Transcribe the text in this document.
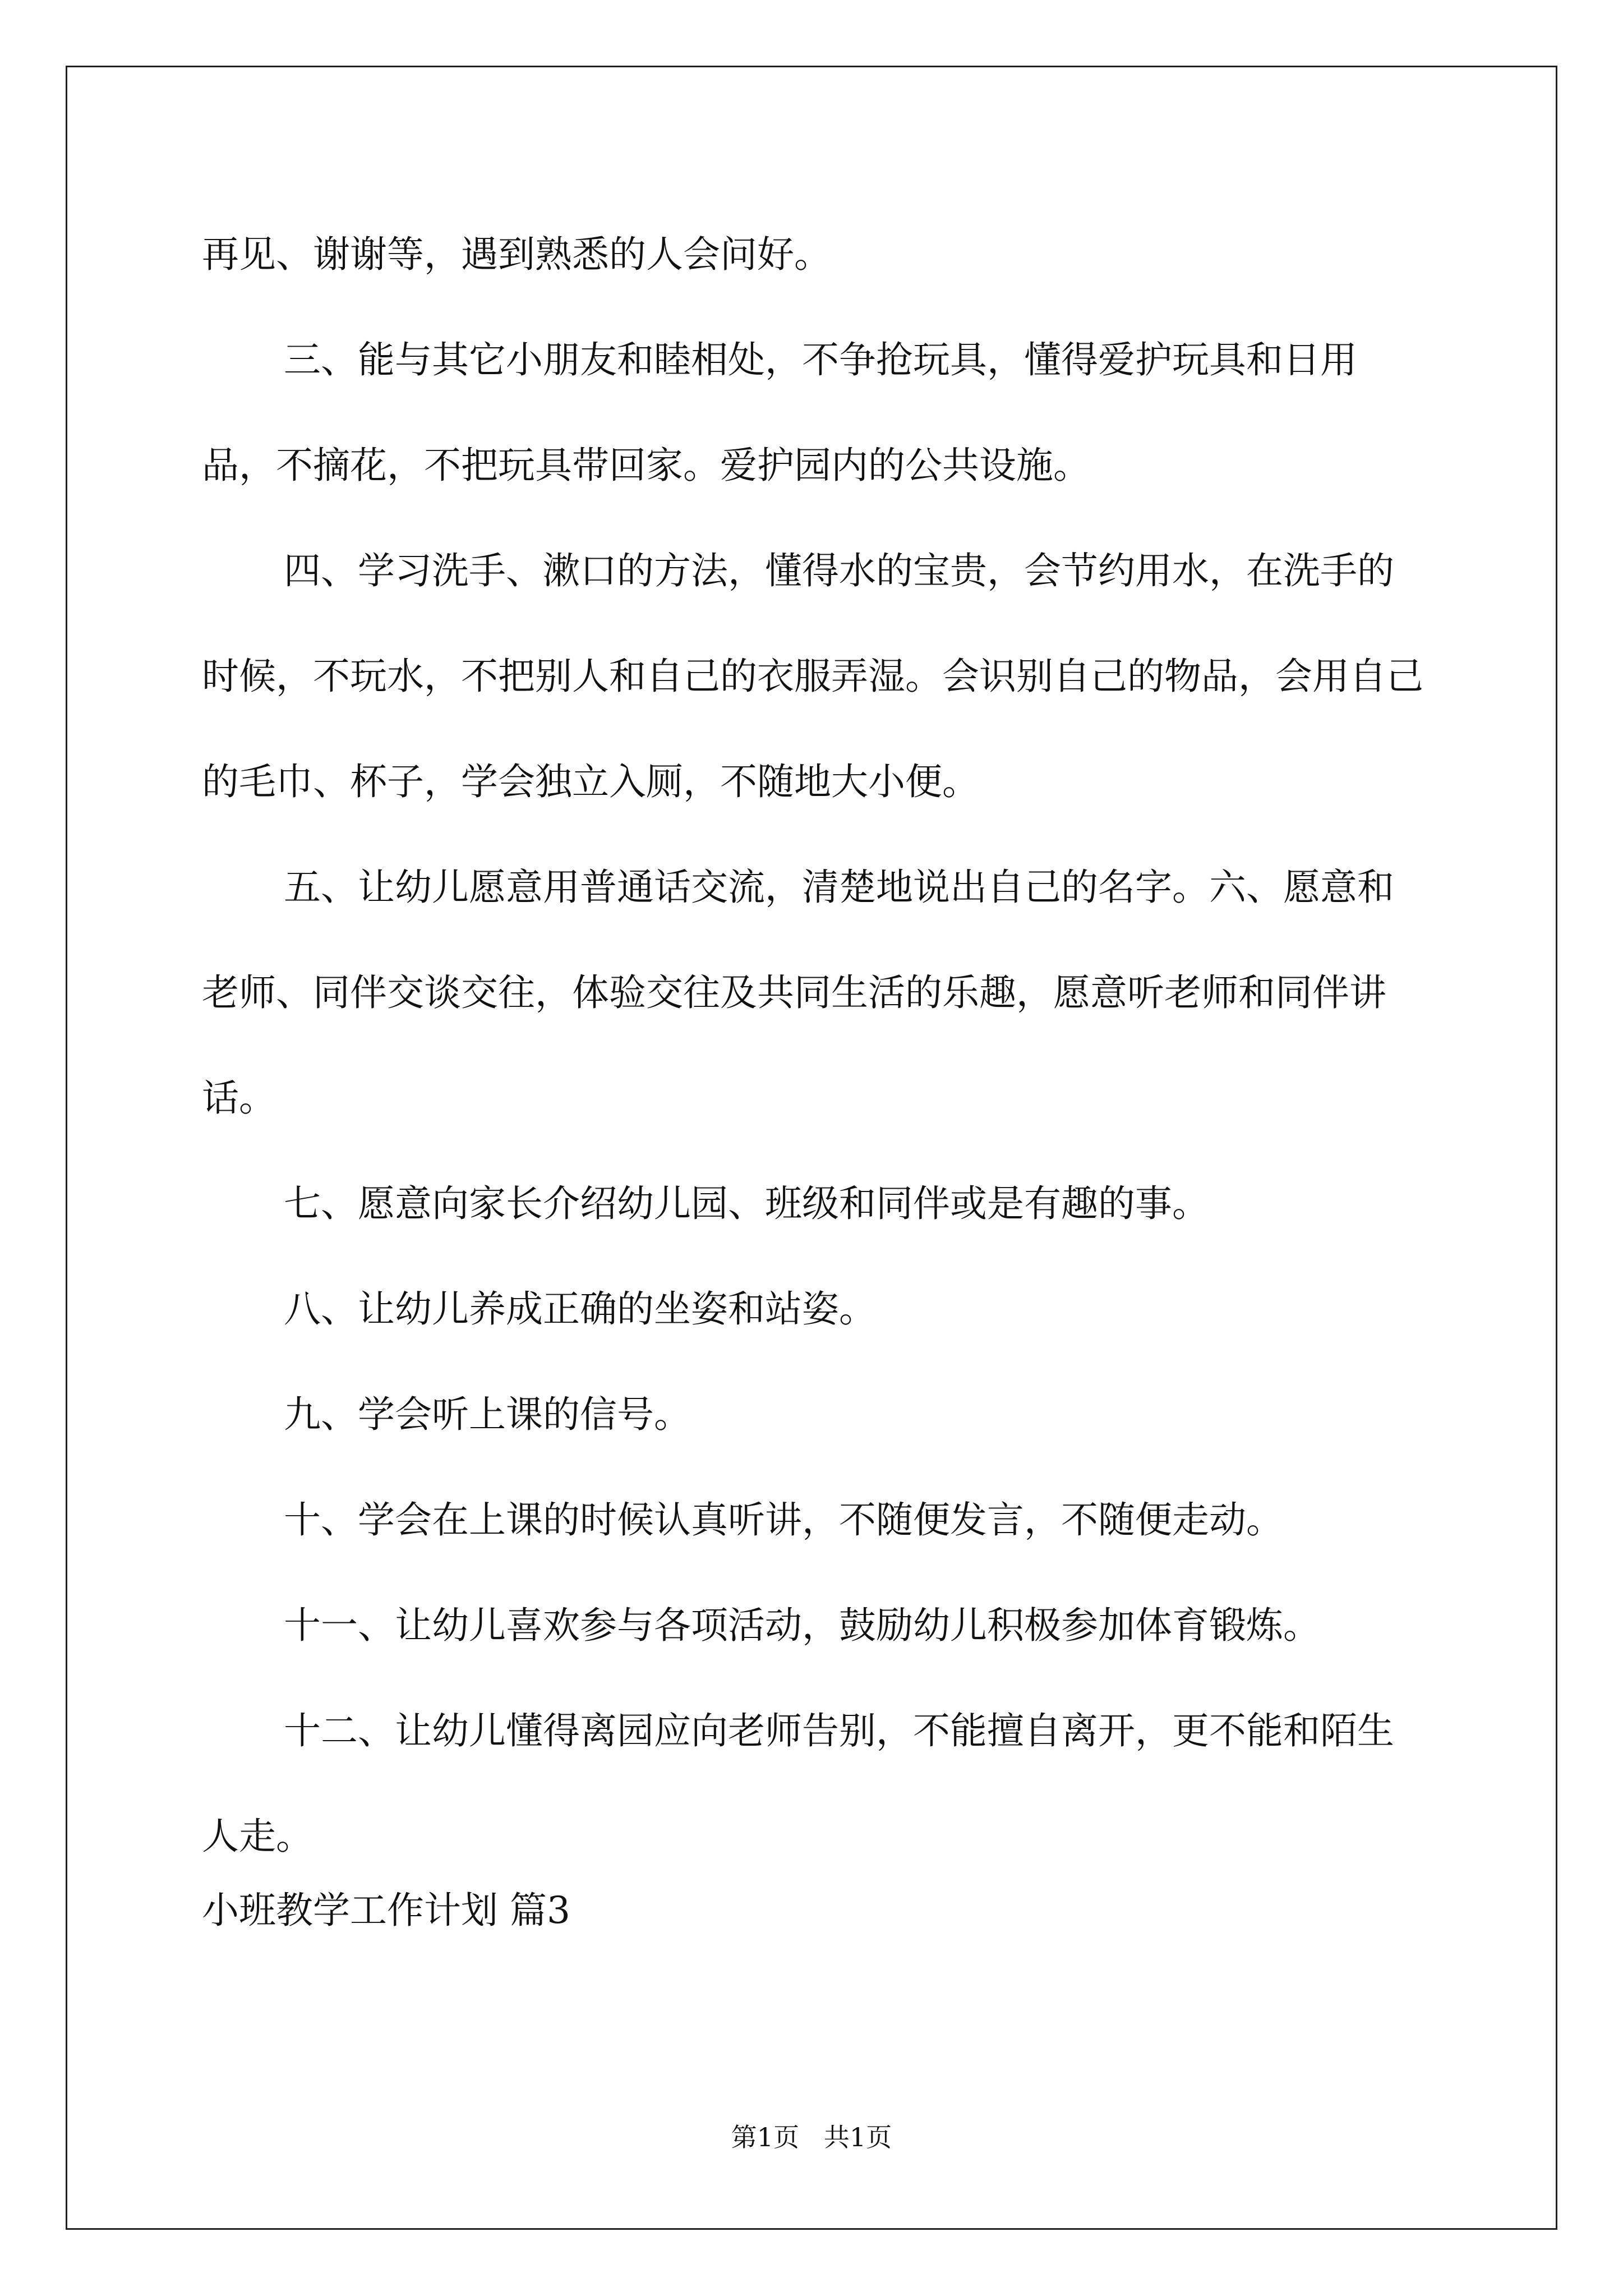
再见、谢谢等，遇到熟悉的人会问好。

三、能与其它小朋友和睦相处，不争抢玩具，懂得爱护玩具和日用品，不摘花，不把玩具带回家。爱护园内的公共设施。

四、学习洗手、漱口的方法，懂得水的宝贵，会节约用水，在洗手的时候，不玩水，不把别人和自己的衣服弄湿。会识别自己的物品，会用自己的毛巾、杯子，学会独立入厕，不随地大小便。

五、让幼儿愿意用普通话交流，清楚地说出自己的名字。六、愿意和老师、同伴交谈交往，体验交往及共同生活的乐趣，愿意听老师和同伴讲话。

七、愿意向家长介绍幼儿园、班级和同伴或是有趣的事。

八、让幼儿养成正确的坐姿和站姿。

九、学会听上课的信号。

十、学会在上课的时候认真听讲，不随便发言，不随便走动。

十一、让幼儿喜欢参与各项活动，鼓励幼儿积极参加体育锻炼。

十二、让幼儿懂得离园应向老师告别，不能擅自离开，更不能和陌生人走。

小班教学工作计划 篇3

第1页   共1页
